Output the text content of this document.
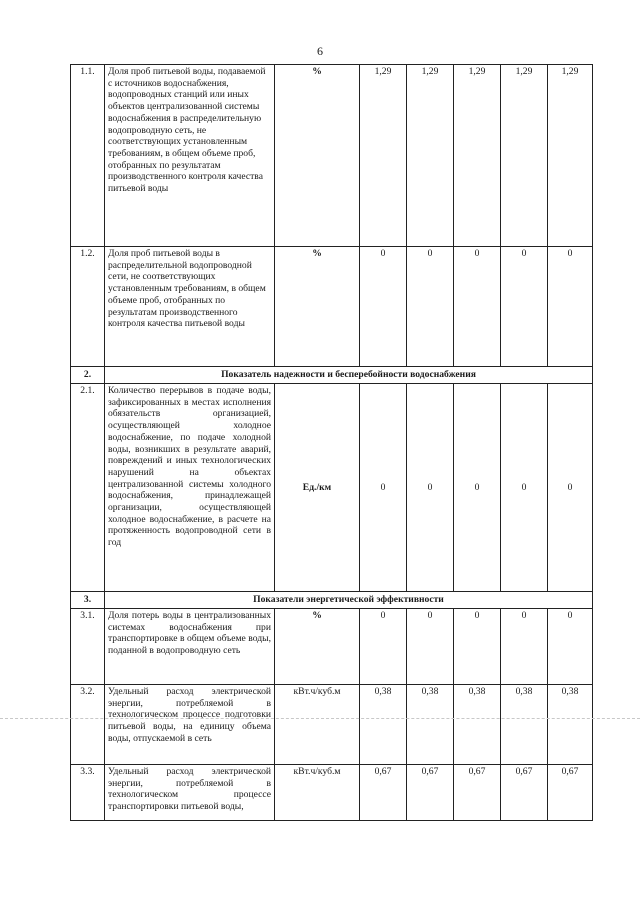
6
1.1.	Доля проб питьевой воды, подаваемой с источников водоснабжения, водопроводных станций или иных объектов централизованной системы водоснабжения в распределительную водопроводную сеть, не соответствующих установленным требованиям, в общем объеме проб, отобранных по результатам производственного контроля качества питьевой воды	%	1,29	1,29	1,29	1,29	1,29
1.2.	Доля проб питьевой воды в распределительной водопроводной сети, не соответствующих установленным требованиям, в общем объеме проб, отобранных по результатам производственного контроля качества питьевой воды	%	0	0	0	0	0
2.	Показатель надежности и бесперебойности водоснабжения						
2.1.	Количество перерывов в подаче воды, зафиксированных в местах исполнения обязательств организацией, осуществляющей холодное водоснабжение, по подаче холодной воды, возникших в результате аварий, повреждений и иных технологических нарушений на объектах централизованной системы холодного водоснабжения, принадлежащей организации, осуществляющей холодное водоснабжение, в расчете на протяженность водопроводной сети в год	Ед./км	0	0	0	0	0
3.	Показатели энергетической эффективности						
3.1.	Доля потерь воды в централизованных системах водоснабжения при транспортировке в общем объеме воды, поданной в водопроводную сеть	%	0	0	0	0	0
3.2.	Удельный расход электрической энергии, потребляемой в технологическом процессе подготовки питьевой воды, на единицу объема воды, отпускаемой в сеть	кВт.ч/куб.м	0,38	0,38	0,38	0,38	0,38
3.3.	Удельный расход электрической энергии, потребляемой в технологическом процессе транспортировки питьевой воды,	кВт.ч/куб.м	0,67	0,67	0,67	0,67	0,67
